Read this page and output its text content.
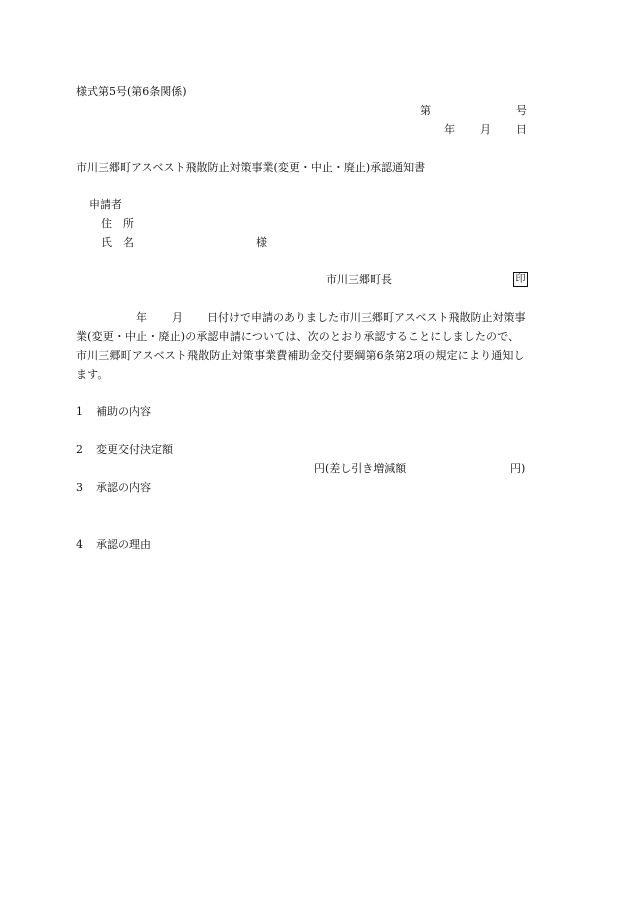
様式第5号(第6条関係)
第	号
年 月 日
市川三郷町アスベスト飛散防止対策事業(変更・中止・廃止)承認通知書
申請者
住　所
氏　名	様
市川三郷町長	印
年 月 日付けで申請のありました市川三郷町アスベスト飛散防止対策事
業(変更・中止・廃止)の承認申請については、次のとおり承認することにしましたので、
市川三郷町アスベスト飛散防止対策事業費補助金交付要綱第6条第2項の規定により通知し
ます。
1 補助の内容
2 変更交付決定額
円(差し引き増減額	円)
3 承認の内容
4 承認の理由
